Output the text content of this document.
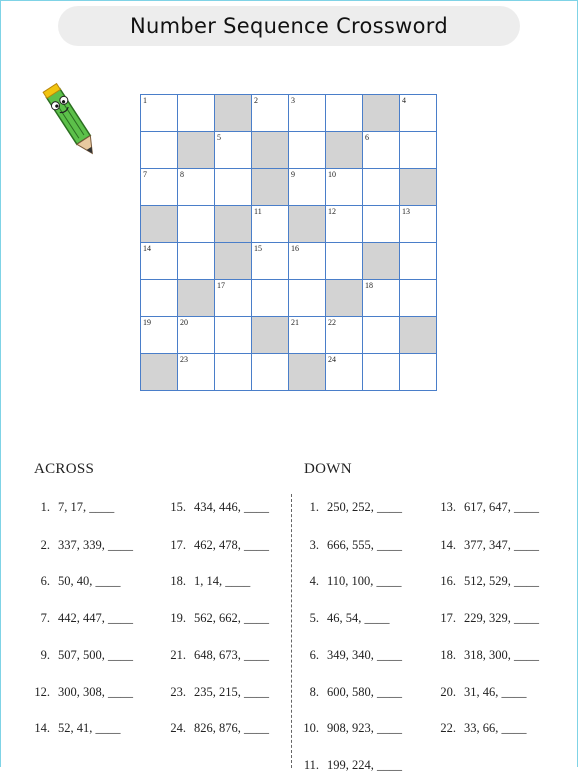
Number Sequence Crossword
1	2	3	4
5	6
7	8	9	10
11	12	13
14	15	16
17	18
19	20	21	22
23	24
ACROSS	DOWN
1. 7, 17, ____
2. 337, 339, ____
6. 50, 40, ____
7. 442, 447, ____
9. 507, 500, ____
12. 300, 308, ____
14. 52, 41, ____
15. 434, 446, ____
17. 462, 478, ____
18. 1, 14, ____
19. 562, 662, ____
21. 648, 673, ____
23. 235, 215, ____
24. 826, 876, ____
1. 250, 252, ____
3. 666, 555, ____
4. 110, 100, ____
5. 46, 54, ____
6. 349, 340, ____
8. 600, 580, ____
10. 908, 923, ____
11. 199, 224, ____
13. 617, 647, ____
14. 377, 347, ____
16. 512, 529, ____
17. 229, 329, ____
18. 318, 300, ____
20. 31, 46, ____
22. 33, 66, ____
